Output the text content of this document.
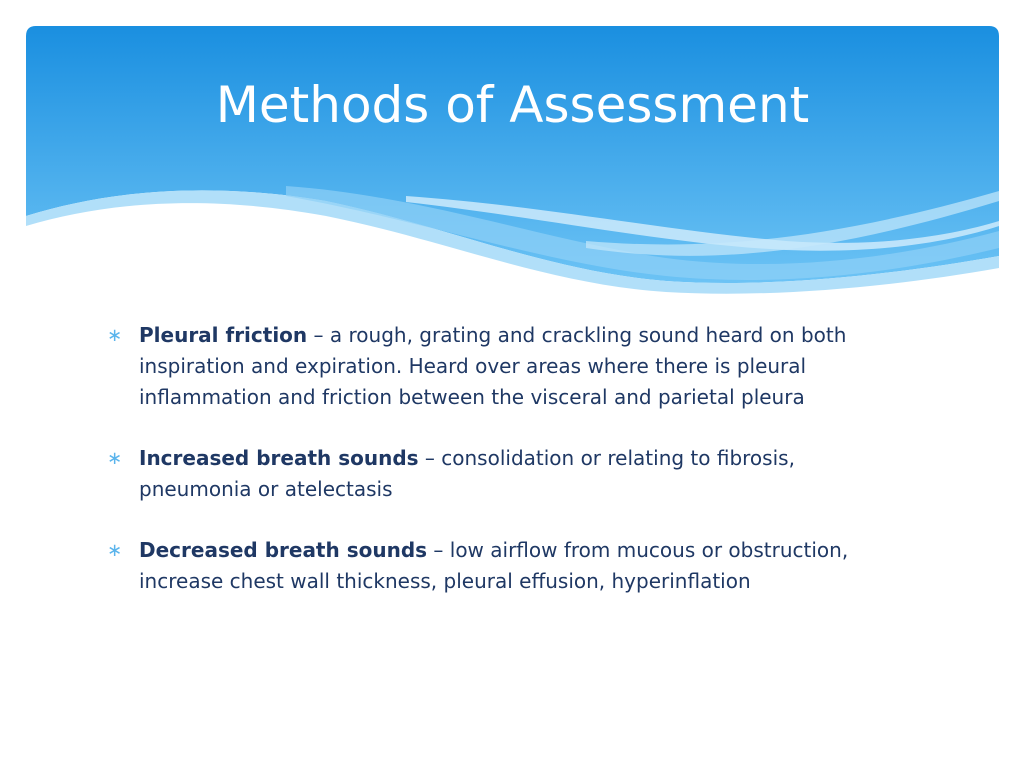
Methods of Assessment
∗ Pleural friction – a rough, grating and crackling sound heard on both inspiration and expiration. Heard over areas where there is pleural inflammation and friction between the visceral and parietal pleura
∗ Increased breath sounds – consolidation or relating to fibrosis, pneumonia or atelectasis
∗ Decreased breath sounds – low airflow from mucous or obstruction, increase chest wall thickness, pleural effusion, hyperinflation
